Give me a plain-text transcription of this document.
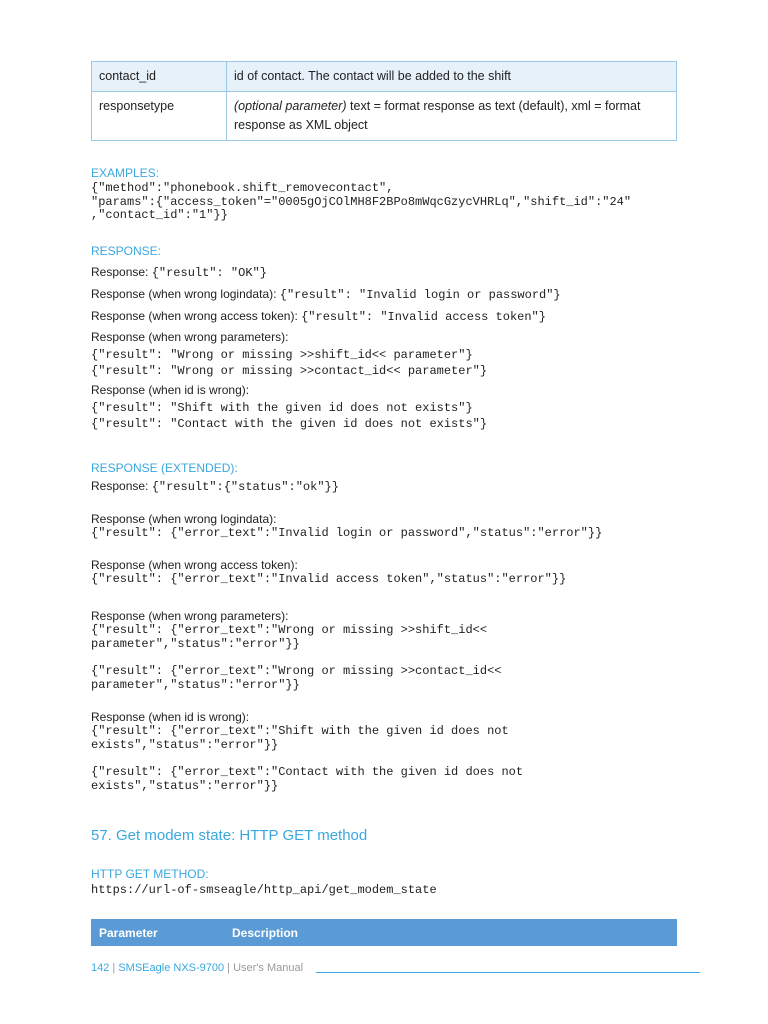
contact_id	id of contact. The contact will be added to the shift
responsetype	(optional parameter) text = format response as text (default), xml = format response as XML object
EXAMPLES:
{"method":"phonebook.shift_removecontact",
"params":{"access_token"="0005gOjCOlMH8F2BPo8mWqcGzycVHRLq","shift_id":"24"
,"contact_id":"1"}}
RESPONSE:
Response: {"result": "OK"}
Response (when wrong logindata): {"result": "Invalid login or password"}
Response (when wrong access token): {"result": "Invalid access token"}
Response (when wrong parameters):
{"result": "Wrong or missing >>shift_id<< parameter"}
{"result": "Wrong or missing >>contact_id<< parameter"}
Response (when id is wrong):
{"result": "Shift with the given id does not exists"}
{"result": "Contact with the given id does not exists"}
RESPONSE (EXTENDED):
Response: {"result":{"status":"ok"}}
Response (when wrong logindata):
{"result": {"error_text":"Invalid login or password","status":"error"}}
Response (when wrong access token):
{"result": {"error_text":"Invalid access token","status":"error"}}
Response (when wrong parameters):
{"result": {"error_text":"Wrong or missing >>shift_id<<
parameter","status":"error"}}
{"result": {"error_text":"Wrong or missing >>contact_id<<
parameter","status":"error"}}
Response (when id is wrong):
{"result": {"error_text":"Shift with the given id does not
exists","status":"error"}}
{"result": {"error_text":"Contact with the given id does not
exists","status":"error"}}
57. Get modem state: HTTP GET method
HTTP GET METHOD:
https://url-of-smseagle/http_api/get_modem_state
Parameter	Description
142 | SMSEagle NXS-9700 | User's Manual
